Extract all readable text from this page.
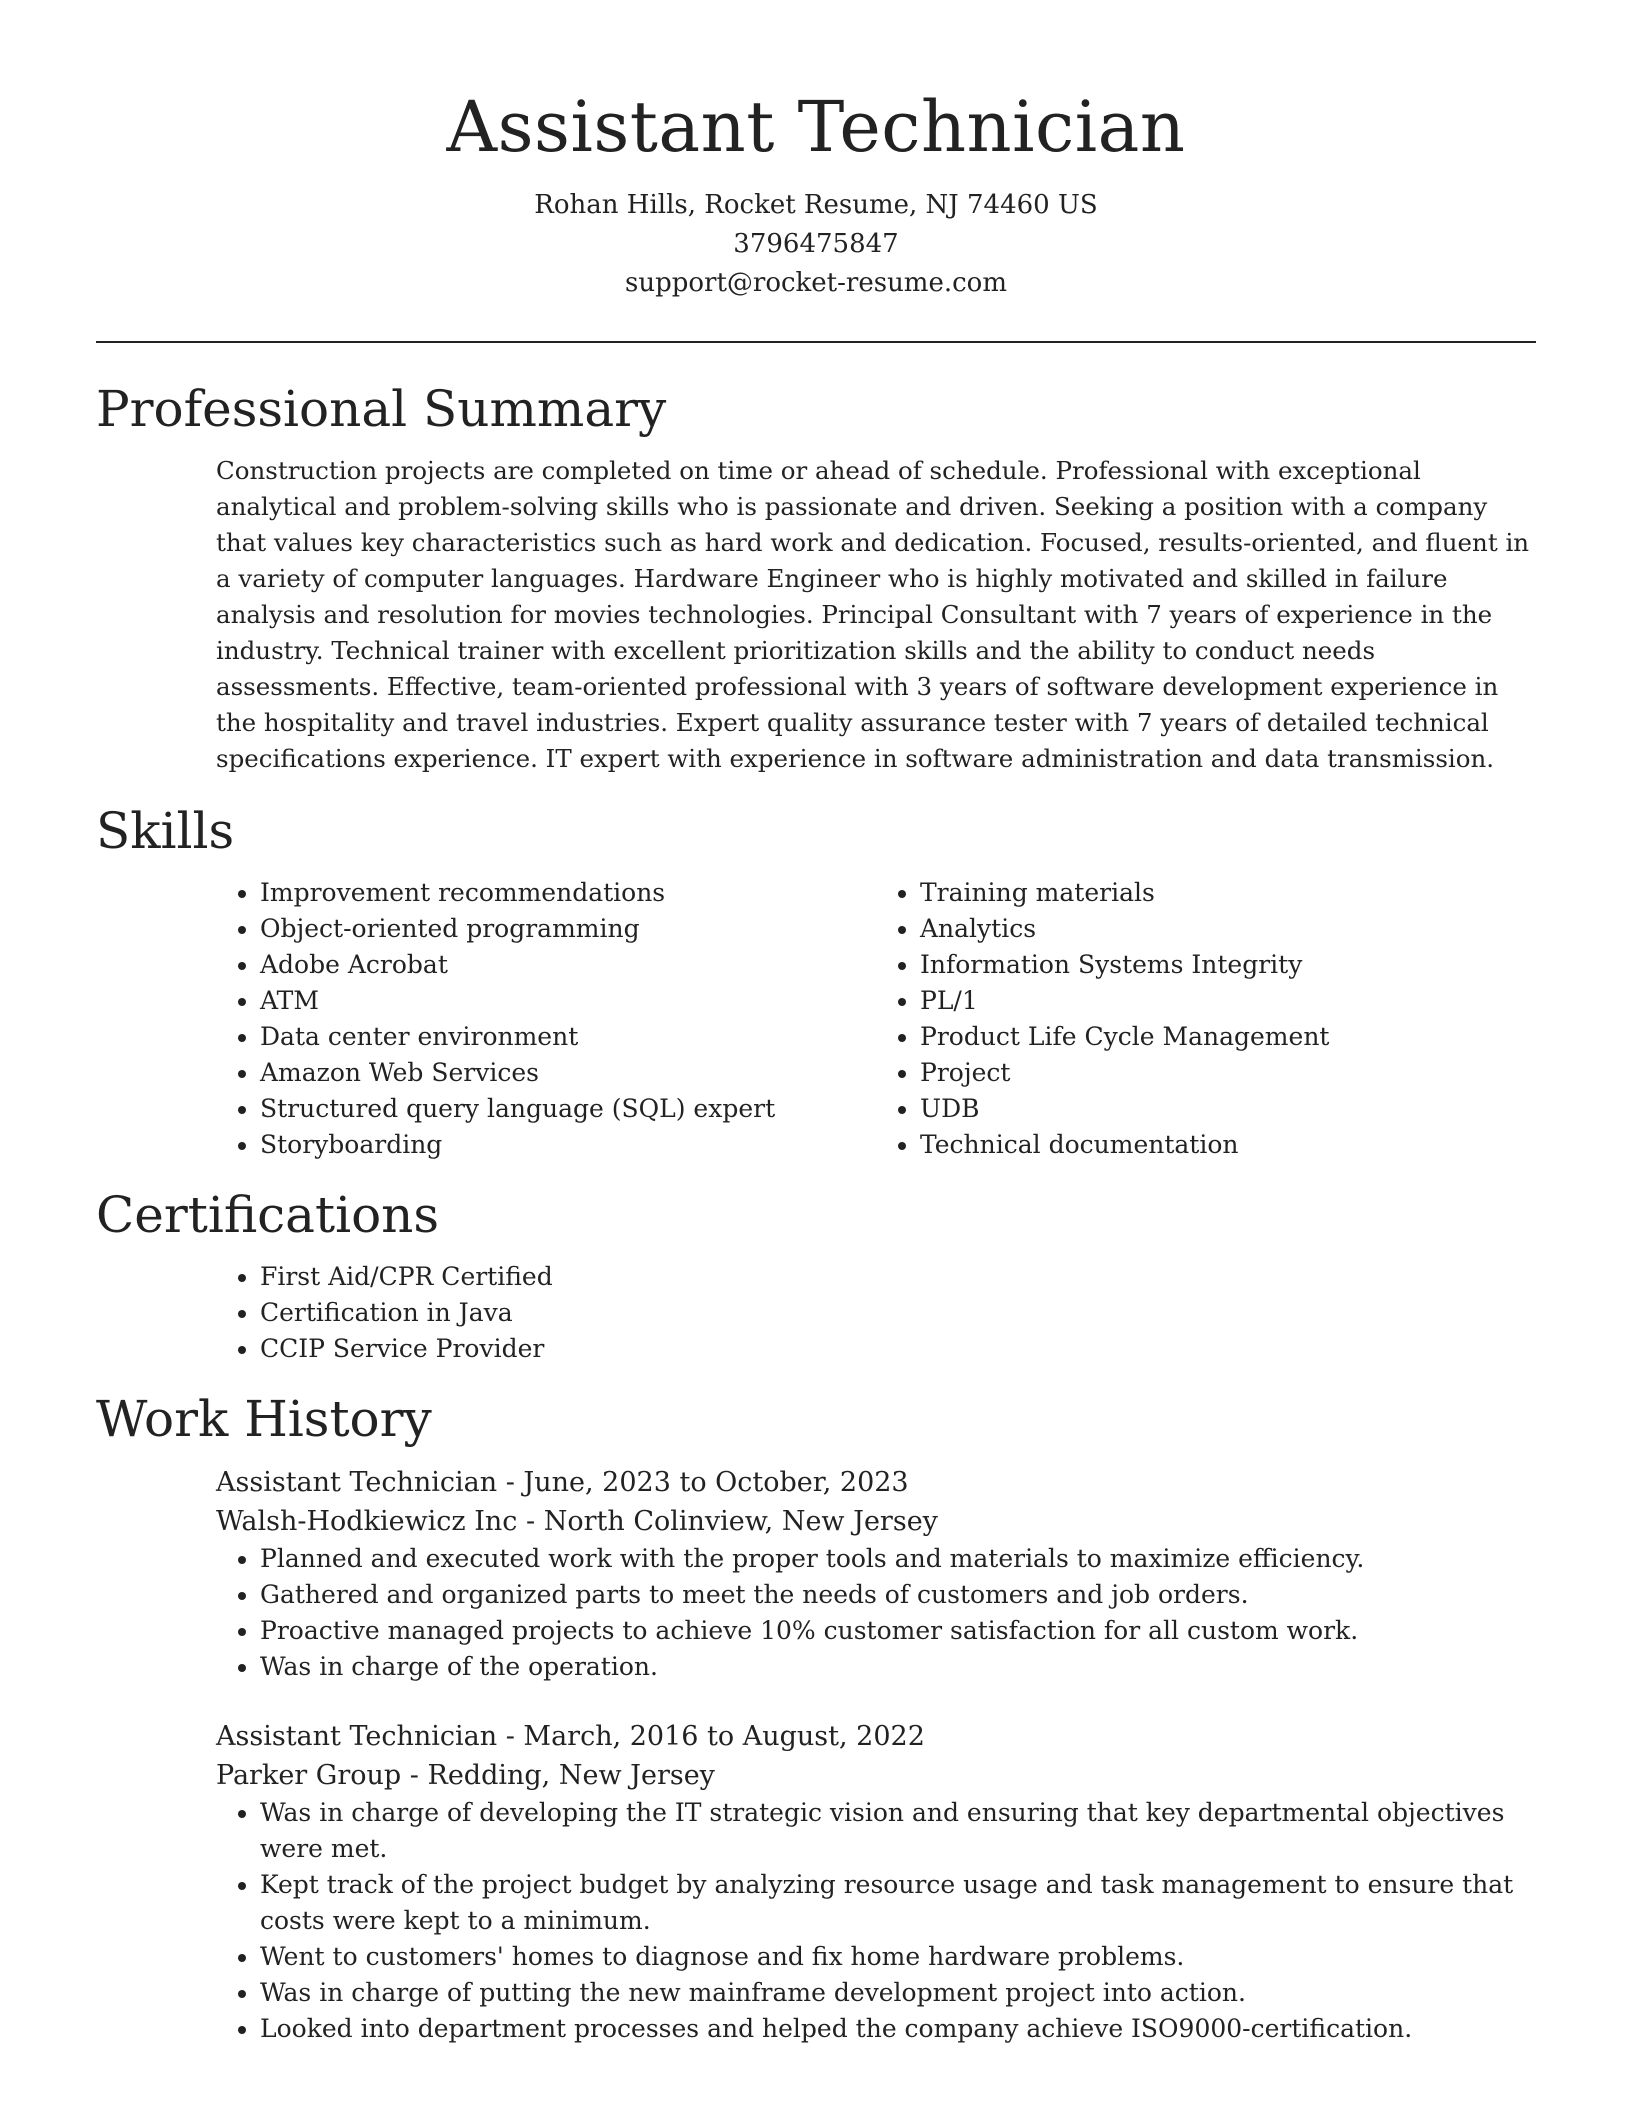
Assistant Technician
Rohan Hills, Rocket Resume, NJ 74460 US
3796475847
support@rocket-resume.com
Professional Summary
Construction projects are completed on time or ahead of schedule. Professional with exceptional analytical and problem-solving skills who is passionate and driven. Seeking a position with a company that values key characteristics such as hard work and dedication. Focused, results-oriented, and fluent in a variety of computer languages. Hardware Engineer who is highly motivated and skilled in failure analysis and resolution for movies technologies. Principal Consultant with 7 years of experience in the industry. Technical trainer with excellent prioritization skills and the ability to conduct needs assessments. Effective, team-oriented professional with 3 years of software development experience in the hospitality and travel industries. Expert quality assurance tester with 7 years of detailed technical specifications experience. IT expert with experience in software administration and data transmission.
Skills
• Improvement recommendations
• Object-oriented programming
• Adobe Acrobat
• ATM
• Data center environment
• Amazon Web Services
• Structured query language (SQL) expert
• Storyboarding
• Training materials
• Analytics
• Information Systems Integrity
• PL/1
• Product Life Cycle Management
• Project
• UDB
• Technical documentation
Certifications
• First Aid/CPR Certified
• Certification in Java
• CCIP Service Provider
Work History
Assistant Technician - June, 2023 to October, 2023
Walsh-Hodkiewicz Inc - North Colinview, New Jersey
• Planned and executed work with the proper tools and materials to maximize efficiency.
• Gathered and organized parts to meet the needs of customers and job orders.
• Proactive managed projects to achieve 10% customer satisfaction for all custom work.
• Was in charge of the operation.
Assistant Technician - March, 2016 to August, 2022
Parker Group - Redding, New Jersey
• Was in charge of developing the IT strategic vision and ensuring that key departmental objectives were met.
• Kept track of the project budget by analyzing resource usage and task management to ensure that costs were kept to a minimum.
• Went to customers' homes to diagnose and fix home hardware problems.
• Was in charge of putting the new mainframe development project into action.
• Looked into department processes and helped the company achieve ISO9000-certification.
